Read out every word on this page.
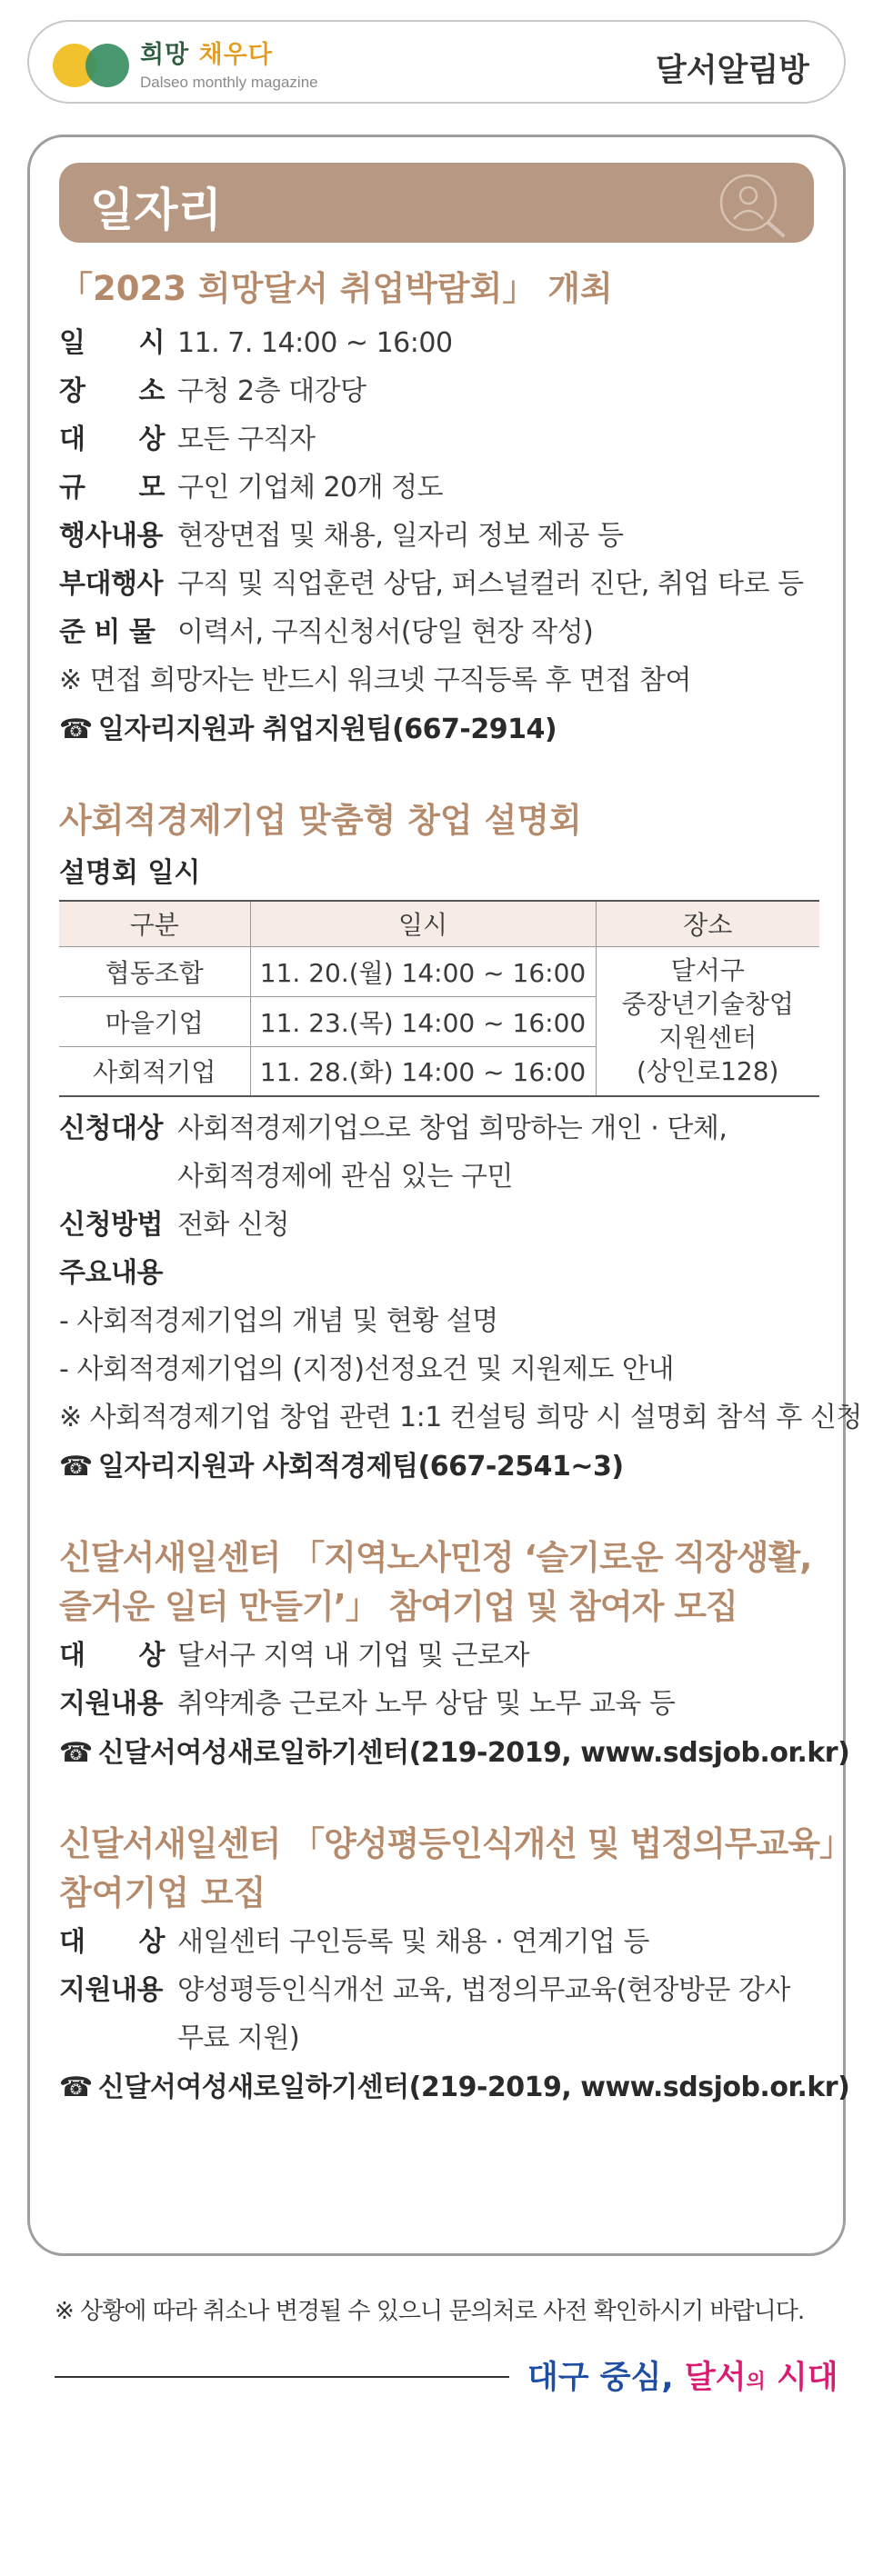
희망 채우다
Dalseo monthly magazine	달서알림방
일자리
「2023 희망달서 취업박람회」 개최
일　　시 11. 7. 14:00 ~ 16:00
장　　소 구청 2층 대강당
대　　상 모든 구직자
규　　모 구인 기업체 20개 정도
행사내용 현장면접 및 채용, 일자리 정보 제공 등
부대행사 구직 및 직업훈련 상담, 퍼스널컬러 진단, 취업 타로 등
준 비 물 이력서, 구직신청서(당일 현장 작성)
※ 면접 희망자는 반드시 워크넷 구직등록 후 면접 참여
☎ 일자리지원과 취업지원팀(667-2914)
사회적경제기업 맞춤형 창업 설명회
설명회 일시
구분	일시	장소
협동조합	11. 20.(월) 14:00 ~ 16:00	달서구
중장년기술창업
지원센터
(상인로128)

마을기업	11. 23.(목) 14:00 ~ 16:00	
사회적기업	11. 28.(화) 14:00 ~ 16:00	
신청대상 사회적경제기업으로 창업 희망하는 개인 · 단체,
사회적경제에 관심 있는 구민
신청방법 전화 신청
주요내용
- 사회적경제기업의 개념 및 현황 설명
- 사회적경제기업의 (지정)선정요건 및 지원제도 안내
※ 사회적경제기업 창업 관련 1:1 컨설팅 희망 시 설명회 참석 후 신청
☎ 일자리지원과 사회적경제팀(667-2541~3)
신달서새일센터 「지역노사민정 ‘슬기로운 직장생활,
즐거운 일터 만들기’」 참여기업 및 참여자 모집
대　　상 달서구 지역 내 기업 및 근로자
지원내용 취약계층 근로자 노무 상담 및 노무 교육 등
☎ 신달서여성새로일하기센터(219-2019, www.sdsjob.or.kr)
신달서새일센터 「양성평등인식개선 및 법정의무교육」
참여기업 모집
대　　상 새일센터 구인등록 및 채용 · 연계기업 등
지원내용 양성평등인식개선 교육, 법정의무교육(현장방문 강사
무료 지원)
☎ 신달서여성새로일하기센터(219-2019, www.sdsjob.or.kr)
※ 상황에 따라 취소나 변경될 수 있으니 문의처로 사전 확인하시기 바랍니다.
대구 중심, 달서의 시대
